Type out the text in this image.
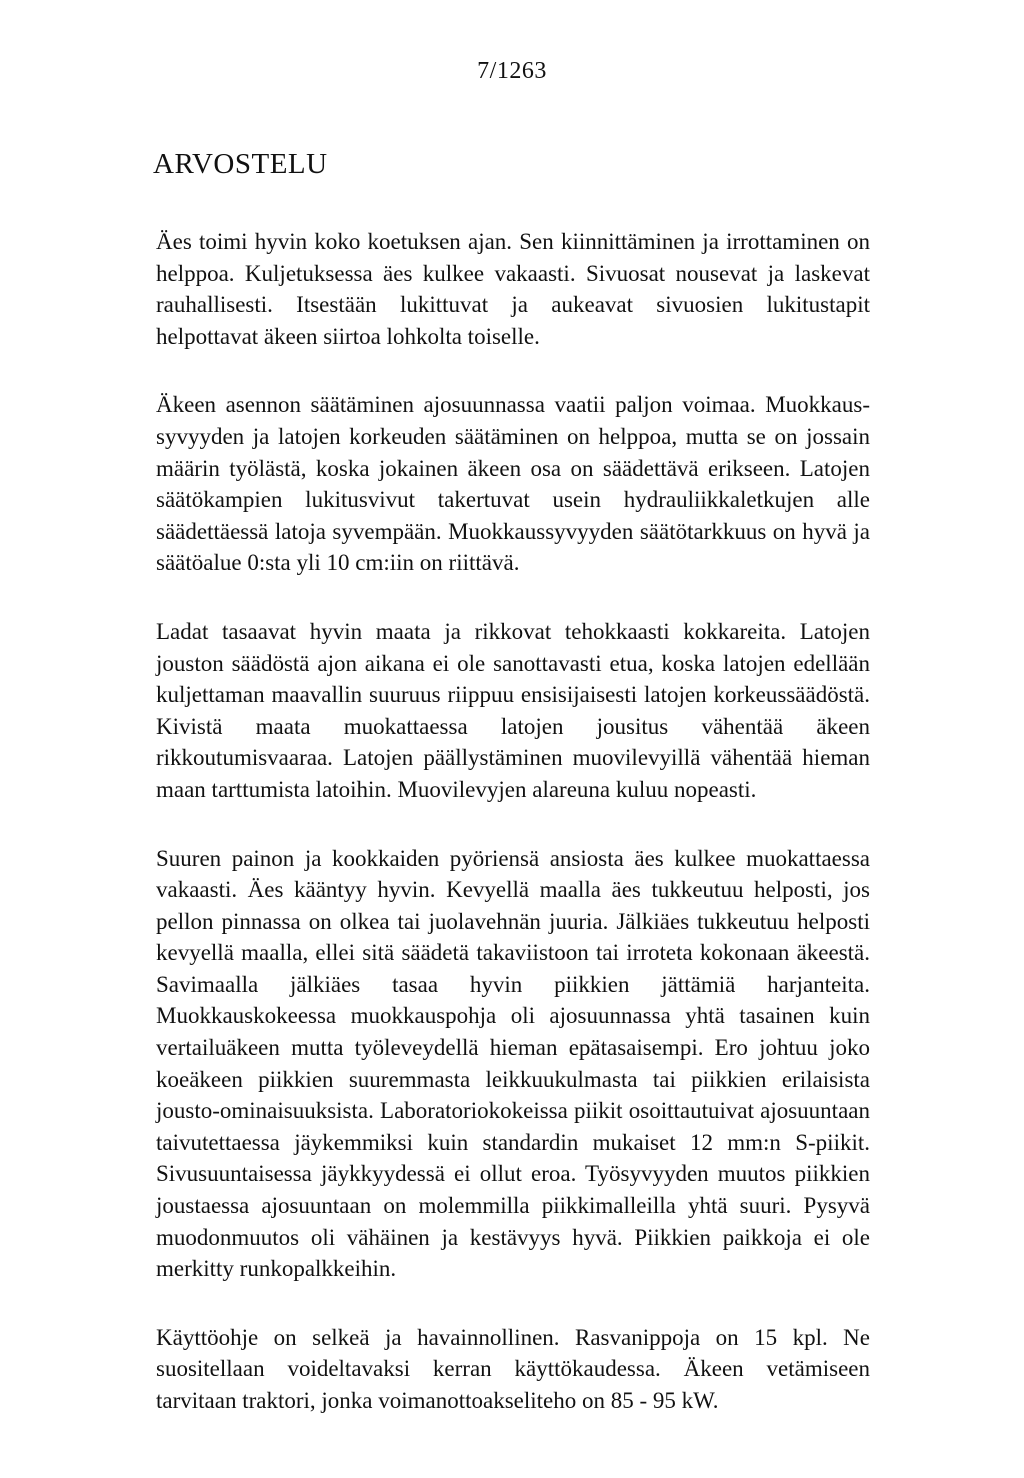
7/1263
ARVOSTELU

Äes toimi hyvin koko koetuksen ajan. Sen kiinnittäminen ja irrottaminen on helppoa. Kuljetuksessa äes kulkee vakaasti. Sivuosat nousevat ja laskevat rauhallisesti. Itsestään lukittuvat ja aukeavat sivuosien lukitustapit helpottavat äkeen siirtoa lohkolta toiselle.

Äkeen asennon säätäminen ajosuunnassa vaatii paljon voimaa. Muokkaussyvyyden ja latojen korkeuden säätäminen on helppoa, mutta se on jossain määrin työlästä, koska jokainen äkeen osa on säädettävä erikseen. Latojen säätökampien lukitusvivut takertuvat usein hydrauliikkaletkujen alle säädettäessä latoja syvempään. Muokkaussyvyyden säätötarkkuus on hyvä ja säätöalue 0:sta yli 10 cm:iin on riittävä.

Ladat tasaavat hyvin maata ja rikkovat tehokkaasti kokkareita. Latojen jouston säädöstä ajon aikana ei ole sanottavasti etua, koska latojen edellään kuljettaman maavallin suuruus riippuu ensisijaisesti latojen korkeussäädöstä. Kivistä maata muokattaessa latojen jousitus vähentää äkeen rikkoutumisvaaraa. Latojen päällystäminen muovilevyillä vähentää hieman maan tarttumista latoihin. Muovilevyjen alareuna kuluu nopeasti.

Suuren painon ja kookkaiden pyöriensä ansiosta äes kulkee muokattaessa vakaasti. Äes kääntyy hyvin. Kevyellä maalla äes tukkeutuu helposti, jos pellon pinnassa on olkea tai juolavehnän juuria. Jälkiäes tukkeutuu helposti kevyellä maalla, ellei sitä säädetä takaviistoon tai irroteta kokonaan äkeestä. Savimaalla jälkiäes tasaa hyvin piikkien jättämiä harjanteita. Muokkauskokeessa muokkauspohja oli ajosuunnassa yhtä tasainen kuin vertailuäkeen mutta työleveydellä hieman epätasaisempi. Ero johtuu joko koeäkeen piikkien suuremmasta leikkuukulmasta tai piikkien erilaisista jousto-ominaisuuksista. Laboratoriokokeissa piikit osoittautuivat ajosuuntaan taivutettaessa jäykemmiksi kuin standardin mukaiset 12 mm:n S-piikit. Sivusuuntaisessa jäykkyydessä ei ollut eroa. Työsyvyyden muutos piikkien joustaessa ajosuuntaan on molemmilla piikkimalleilla yhtä suuri. Pysyvä muodonmuutos oli vähäinen ja kestävyys hyvä. Piikkien paikkoja ei ole merkitty runkopalkkeihin.

Käyttöohje on selkeä ja havainnollinen. Rasvanippoja on 15 kpl. Ne suositellaan voideltavaksi kerran käyttökaudessa. Äkeen vetämiseen tarvitaan traktori, jonka voimanottoakseliteho on 85 - 95 kW.
